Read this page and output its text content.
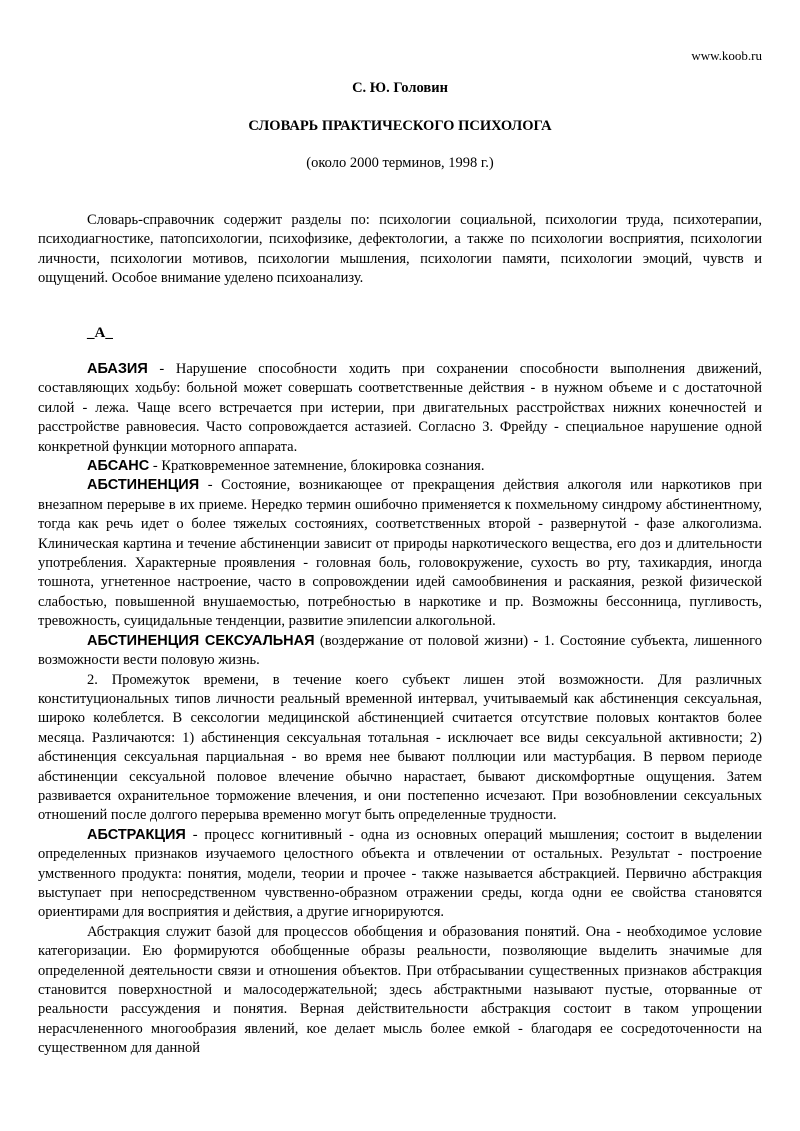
www.koob.ru
С. Ю. Головин
СЛОВАРЬ ПРАКТИЧЕСКОГО ПСИХОЛОГА
(около 2000 терминов, 1998 г.)

Словарь-справочник содержит разделы по: психологии социальной, психологии труда, психотерапии, психодиагностике, патопсихологии, психофизике, дефектологии, а также по психологии восприятия, психологии личности, психологии мотивов, психологии мышления, психологии памяти, психологии эмоций, чувств и ощущений. Особое внимание уделено психоанализу.

_А_

АБАЗИЯ - Нарушение способности ходить при сохранении способности выполнения движений, составляющих ходьбу: больной может совершать соответственные действия - в нужном объеме и с достаточной силой - лежа. Чаще всего встречается при истерии, при двигательных расстройствах нижних конечностей и расстройстве равновесия. Часто сопровождается астазией. Согласно З. Фрейду - специальное нарушение одной конкретной функции моторного аппарата.

АБСАНС - Кратковременное затемнение, блокировка сознания.

АБСТИНЕНЦИЯ - Состояние, возникающее от прекращения действия алкоголя или наркотиков при внезапном перерыве в их приеме. Нередко термин ошибочно применяется к похмельному синдрому абстинентному, тогда как речь идет о более тяжелых состояниях, соответственных второй - развернутой - фазе алкоголизма. Клиническая картина и течение абстиненции зависит от природы наркотического вещества, его доз и длительности употребления. Характерные проявления - головная боль, головокружение, сухость во рту, тахикардия, иногда тошнота, угнетенное настроение, часто в сопровождении идей самообвинения и раскаяния, резкой физической слабостью, повышенной внушаемостью, потребностью в наркотике и пр. Возможны бессонница, пугливость, тревожность, суицидальные тенденции, развитие эпилепсии алкогольной.

АБСТИНЕНЦИЯ СЕКСУАЛЬНАЯ (воздержание от половой жизни) - 1. Состояние субъекта, лишенного возможности вести половую жизнь.

2. Промежуток времени, в течение коего субъект лишен этой возможности. Для различных конституциональных типов личности реальный временной интервал, учитываемый как абстиненция сексуальная, широко колеблется. В сексологии медицинской абстиненцией считается отсутствие половых контактов более месяца. Различаются: 1) абстиненция сексуальная тотальная - исключает все виды сексуальной активности; 2) абстиненция сексуальная парциальная - во время нее бывают поллюции или мастурбация. В первом периоде абстиненции сексуальной половое влечение обычно нарастает, бывают дискомфортные ощущения. Затем развивается охранительное торможение влечения, и они постепенно исчезают. При возобновлении сексуальных отношений после долгого перерыва временно могут быть определенные трудности.

АБСТРАКЦИЯ - процесс когнитивный - одна из основных операций мышления; состоит в выделении определенных признаков изучаемого целостного объекта и отвлечении от остальных. Результат - построение умственного продукта: понятия, модели, теории и прочее - также называется абстракцией. Первично абстракция выступает при непосредственном чувственно-образном отражении среды, когда одни ее свойства становятся ориентирами для восприятия и действия, а другие игнорируются.

Абстракция служит базой для процессов обобщения и образования понятий. Она - необходимое условие категоризации. Ею формируются обобщенные образы реальности, позволяющие выделить значимые для определенной деятельности связи и отношения объектов. При отбрасывании существенных признаков абстракция становится поверхностной и малосодержательной; здесь абстрактными называют пустые, оторванные от реальности рассуждения и понятия. Верная действительности абстракция состоит в таком упрощении нерасчлененного многообразия явлений, кое делает мысль более емкой - благодаря ее сосредоточенности на существенном для данной
